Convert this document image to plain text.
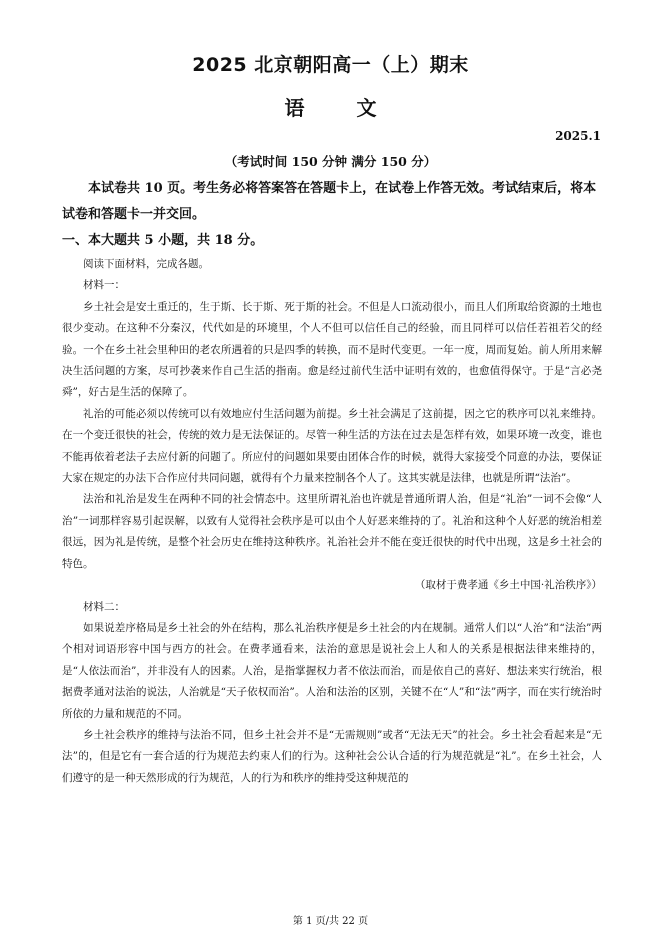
2025 北京朝阳高一（上）期末
语	文
2025.1
（考试时间 150 分钟 满分 150 分）
本试卷共 10 页。考生务必将答案答在答题卡上，在试卷上作答无效。考试结束后，将本试卷和答题卡一并交回。
一、本大题共 5 小题，共 18 分。

阅读下面材料，完成各题。

材料一：

乡土社会是安土重迁的，生于斯、长于斯、死于斯的社会。不但是人口流动很小，而且人们所取给资源的土地也很少变动。在这种不分秦汉，代代如是的环境里，个人不但可以信任自己的经验，而且同样可以信任若祖若父的经验。一个在乡土社会里种田的老农所遇着的只是四季的转换，而不是时代变更。一年一度，周而复始。前人所用来解决生活问题的方案，尽可抄袭来作自己生活的指南。愈是经过前代生活中证明有效的，也愈值得保守。于是“言必尧舜”，好古是生活的保障了。

礼治的可能必须以传统可以有效地应付生活问题为前提。乡土社会满足了这前提，因之它的秩序可以礼来维持。在一个变迁很快的社会，传统的效力是无法保证的。尽管一种生活的方法在过去是怎样有效，如果环境一改变，谁也不能再依着老法子去应付新的问题了。所应付的问题如果要由团体合作的时候，就得大家接受个同意的办法，要保证大家在规定的办法下合作应付共同问题，就得有个力量来控制各个人了。这其实就是法律，也就是所谓“法治”。

法治和礼治是发生在两种不同的社会情态中。这里所谓礼治也许就是普通所谓人治，但是“礼治”一词不会像“人治”一词那样容易引起误解，以致有人觉得社会秩序是可以由个人好恶来维持的了。礼治和这种个人好恶的统治相差很远，因为礼是传统，是整个社会历史在维持这种秩序。礼治社会并不能在变迁很快的时代中出现，这是乡土社会的特色。

（取材于费孝通《乡土中国·礼治秩序》）

材料二：

如果说差序格局是乡土社会的外在结构，那么礼治秩序便是乡土社会的内在规制。通常人们以“人治”和“法治”两个相对词语形容中国与西方的社会。在费孝通看来，法治的意思是说社会上人和人的关系是根据法律来维持的，是“人依法而治”，并非没有人的因素。人治，是指掌握权力者不依法而治，而是依自己的喜好、想法来实行统治，根据费孝通对法治的说法，人治就是“天子依权而治”。人治和法治的区别，关键不在“人”和“法”两字，而在实行统治时所依的力量和规范的不同。

乡土社会秩序的维持与法治不同，但乡土社会并不是“无需规则”或者“无法无天”的社会。乡土社会看起来是“无法”的，但是它有一套合适的行为规范去约束人们的行为。这种社会公认合适的行为规范就是“礼”。在乡土社会，人们遵守的是一种天然形成的行为规范，人的行为和秩序的维持受这种规范的

第 1 页/共 22 页
